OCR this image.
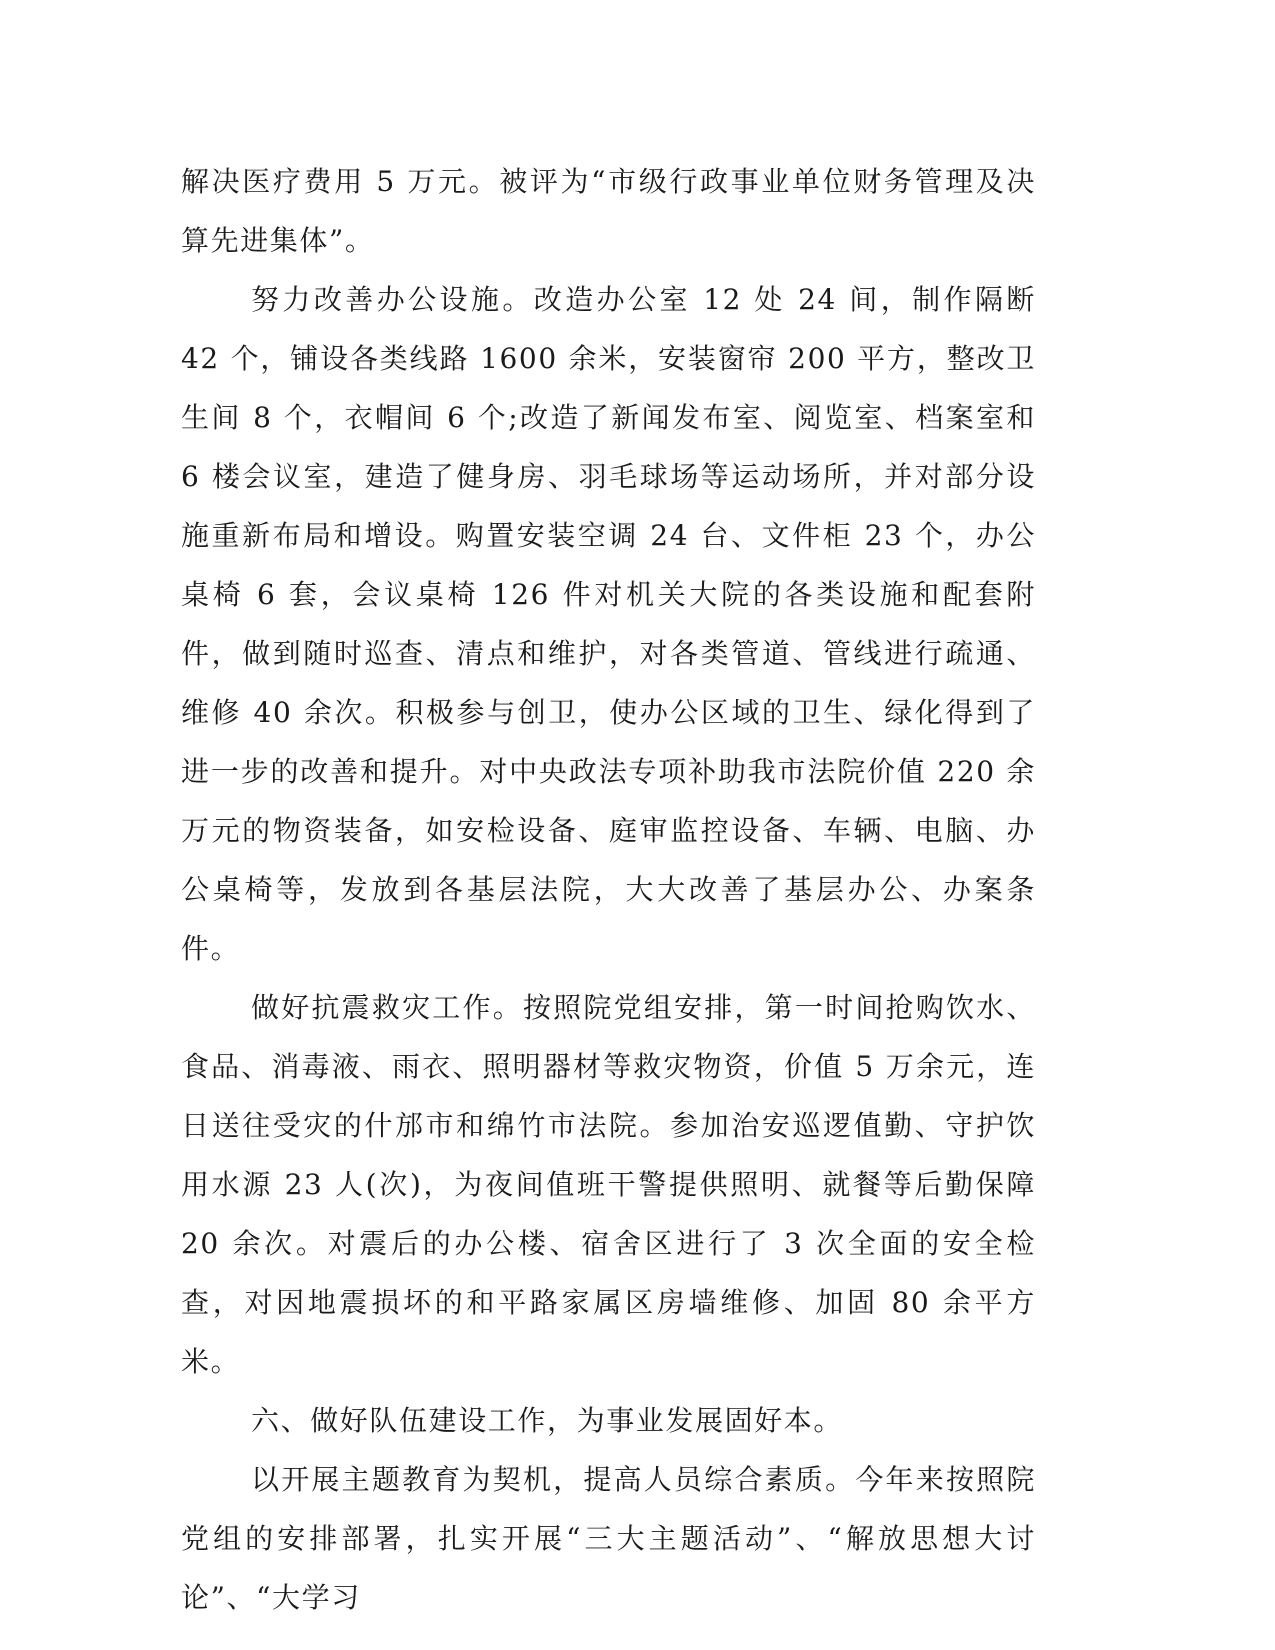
解决医疗费用 5 万元。被评为“市级行政事业单位财务管理及决算先进集体”。

努力改善办公设施。改造办公室 12 处 24 间，制作隔断 42 个，铺设各类线路 1600 余米，安装窗帘 200 平方，整改卫生间 8 个，衣帽间 6 个;改造了新闻发布室、阅览室、档案室和 6 楼会议室，建造了健身房、羽毛球场等运动场所，并对部分设施重新布局和增设。购置安装空调 24 台、文件柜 23 个，办公桌椅 6 套，会议桌椅 126 件对机关大院的各类设施和配套附件，做到随时巡查、清点和维护，对各类管道、管线进行疏通、维修 40 余次。积极参与创卫，使办公区域的卫生、绿化得到了进一步的改善和提升。对中央政法专项补助我市法院价值 220 余万元的物资装备，如安检设备、庭审监控设备、车辆、电脑、办公桌椅等，发放到各基层法院，大大改善了基层办公、办案条件。

做好抗震救灾工作。按照院党组安排，第一时间抢购饮水、食品、消毒液、雨衣、照明器材等救灾物资，价值 5 万余元，连日送往受灾的什邡市和绵竹市法院。参加治安巡逻值勤、守护饮用水源 23 人(次)，为夜间值班干警提供照明、就餐等后勤保障 20 余次。对震后的办公楼、宿舍区进行了 3 次全面的安全检查，对因地震损坏的和平路家属区房墙维修、加固 80 余平方米。

六、做好队伍建设工作，为事业发展固好本。

以开展主题教育为契机，提高人员综合素质。今年来按照院党组的安排部署，扎实开展“三大主题活动”、“解放思想大讨论”、“大学习
